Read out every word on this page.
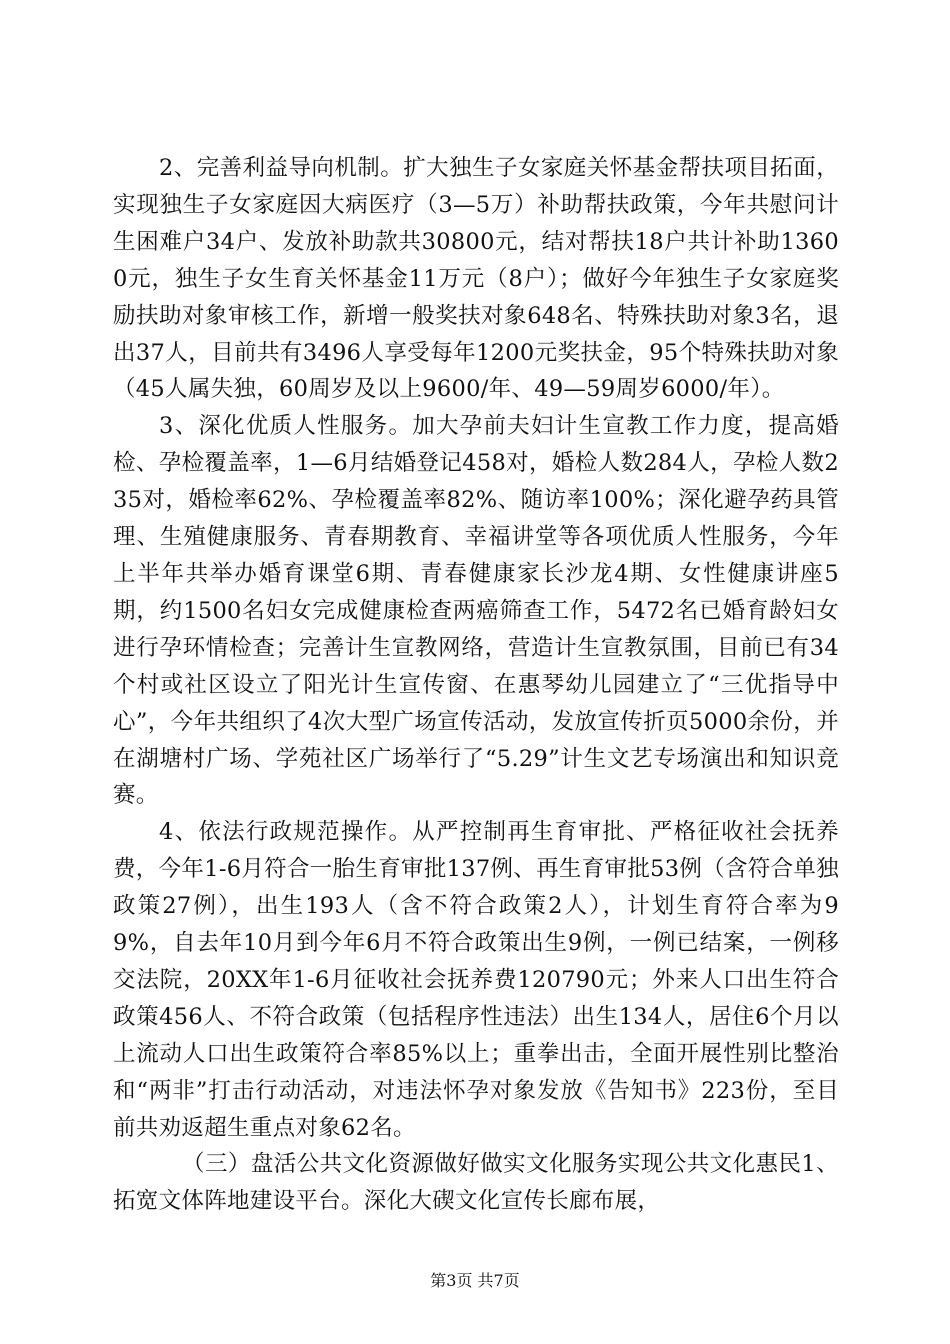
2、完善利益导向机制。扩大独生子女家庭关怀基金帮扶项目拓面，实现独生子女家庭因大病医疗（3—5万）补助帮扶政策，今年共慰问计生困难户34户、发放补助款共30800元，结对帮扶18户共计补助13600元，独生子女生育关怀基金11万元（8户）；做好今年独生子女家庭奖励扶助对象审核工作，新增一般奖扶对象648名、特殊扶助对象3名，退出37人，目前共有3496人享受每年1200元奖扶金，95个特殊扶助对象（45人属失独，60周岁及以上9600/年、49—59周岁6000/年）。

3、深化优质人性服务。加大孕前夫妇计生宣教工作力度，提高婚检、孕检覆盖率，1—6月结婚登记458对，婚检人数284人，孕检人数235对，婚检率62%、孕检覆盖率82%、随访率100%；深化避孕药具管理、生殖健康服务、青春期教育、幸福讲堂等各项优质人性服务，今年上半年共举办婚育课堂6期、青春健康家长沙龙4期、女性健康讲座5期，约1500名妇女完成健康检查两癌筛查工作，5472名已婚育龄妇女进行孕环情检查；完善计生宣教网络，营造计生宣教氛围，目前已有34个村或社区设立了阳光计生宣传窗、在惠琴幼儿园建立了“三优指导中心”，今年共组织了4次大型广场宣传活动，发放宣传折页5000余份，并在湖塘村广场、学苑社区广场举行了“5.29”计生文艺专场演出和知识竞赛。

4、依法行政规范操作。从严控制再生育审批、严格征收社会抚养费，今年1-6月符合一胎生育审批137例、再生育审批53例（含符合单独政策27例），出生193人（含不符合政策2人），计划生育符合率为99%，自去年10月到今年6月不符合政策出生9例，一例已结案，一例移交法院，20XX年1-6月征收社会抚养费120790元；外来人口出生符合政策456人、不符合政策（包括程序性违法）出生134人，居住6个月以上流动人口出生政策符合率85%以上；重拳出击，全面开展性别比整治和“两非”打击行动活动，对违法怀孕对象发放《告知书》223份，至目前共劝返超生重点对象62名。

（三）盘活公共文化资源做好做实文化服务实现公共文化惠民1、拓宽文体阵地建设平台。深化大碶文化宣传长廊布展，

第3页 共7页
